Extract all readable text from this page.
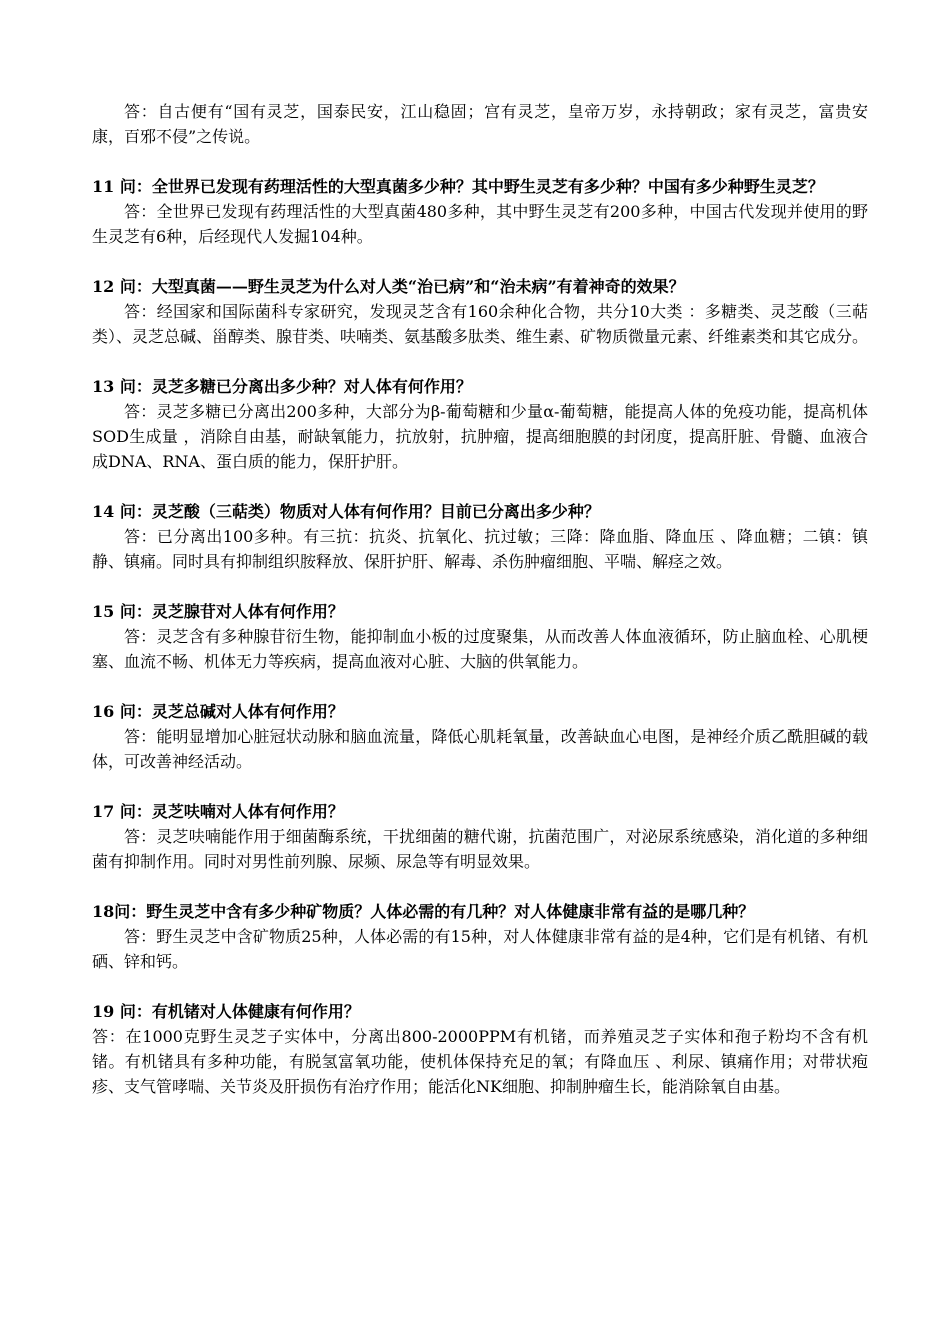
答：自古便有“国有灵芝，国泰民安，江山稳固；宫有灵芝，皇帝万岁，永持朝政；家有灵芝，富贵安康，百邪不侵”之传说。

11 问：全世界已发现有药理活性的大型真菌多少种？其中野生灵芝有多少种？中国有多少种野生灵芝？

答：全世界已发现有药理活性的大型真菌480多种，其中野生灵芝有200多种，中国古代发现并使用的野生灵芝有6种，后经现代人发掘104种。

12 问：大型真菌——野生灵芝为什么对人类“治已病”和“治未病”有着神奇的效果？

答：经国家和国际菌科专家研究，发现灵芝含有160余种化合物，共分10大类 ：多糖类、灵芝酸（三萜类）、灵芝总碱、甾醇类、腺苷类、呋喃类、氨基酸多肽类、维生素、矿物质微量元素、纤维素类和其它成分。

13 问：灵芝多糖已分离出多少种？对人体有何作用？

答：灵芝多糖已分离出200多种，大部分为β-葡萄糖和少量α-葡萄糖，能提高人体的免疫功能，提高机体SOD生成量 ，消除自由基，耐缺氧能力，抗放射，抗肿瘤，提高细胞膜的封闭度，提高肝脏、骨髓、血液合成DNA、RNA、蛋白质的能力，保肝护肝。

14 问：灵芝酸（三萜类）物质对人体有何作用？目前已分离出多少种？

答：已分离出100多种。有三抗：抗炎、抗氧化、抗过敏；三降：降血脂、降血压 、降血糖；二镇：镇静、镇痛。同时具有抑制组织胺释放、保肝护肝、解毒、杀伤肿瘤细胞、平喘、解痉之效。

15 问：灵芝腺苷对人体有何作用？

答：灵芝含有多种腺苷衍生物，能抑制血小板的过度聚集，从而改善人体血液循环，防止脑血栓、心肌梗塞、血流不畅、机体无力等疾病，提高血液对心脏、大脑的供氧能力。

16 问：灵芝总碱对人体有何作用？

答：能明显增加心脏冠状动脉和脑血流量，降低心肌耗氧量，改善缺血心电图，是神经介质乙酰胆碱的载体，可改善神经活动。

17 问：灵芝呋喃对人体有何作用？

答：灵芝呋喃能作用于细菌酶系统，干扰细菌的糖代谢，抗菌范围广，对泌尿系统感染，消化道的多种细菌有抑制作用。同时对男性前列腺、尿频、尿急等有明显效果。

18问：野生灵芝中含有多少种矿物质？人体必需的有几种？对人体健康非常有益的是哪几种？

答：野生灵芝中含矿物质25种，人体必需的有15种，对人体健康非常有益的是4种，它们是有机锗、有机硒、锌和钙。

19 问：有机锗对人体健康有何作用？

答：在1000克野生灵芝子实体中，分离出800-2000PPM有机锗，而养殖灵芝子实体和孢子粉均不含有机锗。有机锗具有多种功能，有脱氢富氧功能，使机体保持充足的氧；有降血压 、利尿、镇痛作用；对带状疱疹、支气管哮喘、关节炎及肝损伤有治疗作用；能活化NK细胞、抑制肿瘤生长，能消除氧自由基。
